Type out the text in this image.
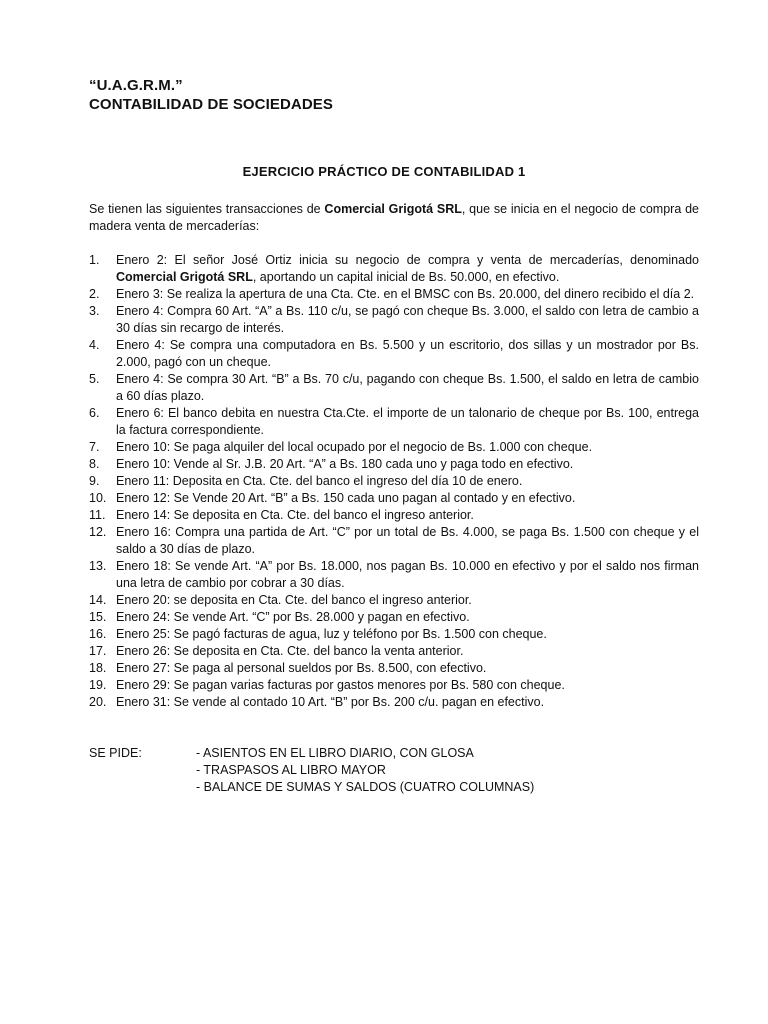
“U.A.G.R.M.”
CONTABILIDAD DE SOCIEDADES
EJERCICIO PRÁCTICO DE CONTABILIDAD 1
Se tienen las siguientes transacciones de Comercial Grigotá SRL, que se inicia en el negocio de compra de madera venta de mercaderías:
1.	Enero 2: El señor José Ortiz inicia su negocio de compra y venta de mercaderías, denominado Comercial Grigotá SRL, aportando un capital inicial de Bs. 50.000, en efectivo.
2.	Enero 3: Se realiza la apertura de una Cta. Cte. en el BMSC con Bs. 20.000, del dinero recibido el día 2.
3.	Enero 4: Compra 60 Art. “A” a Bs. 110 c/u, se pagó con cheque Bs. 3.000, el saldo con letra de cambio a 30 días sin recargo de interés.
4.	Enero 4: Se compra una computadora en Bs. 5.500 y un escritorio, dos sillas y un mostrador por Bs. 2.000, pagó con un cheque.
5.	Enero 4: Se compra 30 Art. “B” a Bs. 70 c/u, pagando con cheque Bs. 1.500, el saldo en letra de cambio a 60 días plazo.
6.	Enero 6: El banco debita en nuestra Cta.Cte. el importe de un talonario de cheque por Bs. 100, entrega la factura correspondiente.
7.	Enero 10: Se paga alquiler del local ocupado por el negocio de Bs. 1.000 con cheque.
8.	Enero 10: Vende al Sr. J.B. 20 Art. “A” a Bs. 180 cada uno y paga todo en efectivo.
9.	Enero 11: Deposita en Cta. Cte. del banco el ingreso del día 10 de enero.
10. Enero 12: Se Vende 20 Art. “B” a Bs. 150 cada uno pagan al contado y en efectivo.
11. Enero 14: Se deposita en Cta. Cte. del banco el ingreso anterior.
12. Enero 16: Compra una partida de Art. “C” por un total de Bs. 4.000, se paga Bs. 1.500 con cheque y el saldo a 30 días de plazo.
13. Enero 18: Se vende Art. “A” por Bs. 18.000, nos pagan Bs. 10.000 en efectivo y por el saldo nos firman una letra de cambio por cobrar a 30 días.
14. Enero 20: se deposita en Cta. Cte. del banco el ingreso anterior.
15. Enero 24: Se vende Art. “C” por Bs. 28.000 y pagan en efectivo.
16. Enero 25: Se pagó facturas de agua, luz y teléfono por Bs. 1.500 con cheque.
17. Enero 26: Se deposita en Cta. Cte. del banco la venta anterior.
18. Enero 27: Se paga al personal sueldos por Bs. 8.500, con efectivo.
19. Enero 29: Se pagan varias facturas por gastos menores por Bs. 580 con cheque.
20. Enero 31: Se vende al contado 10 Art. “B” por Bs. 200 c/u. pagan en efectivo.
SE PIDE:	- ASIENTOS EN EL LIBRO DIARIO, CON GLOSA
- TRASPASOS AL LIBRO MAYOR
- BALANCE DE SUMAS Y SALDOS (CUATRO COLUMNAS)
